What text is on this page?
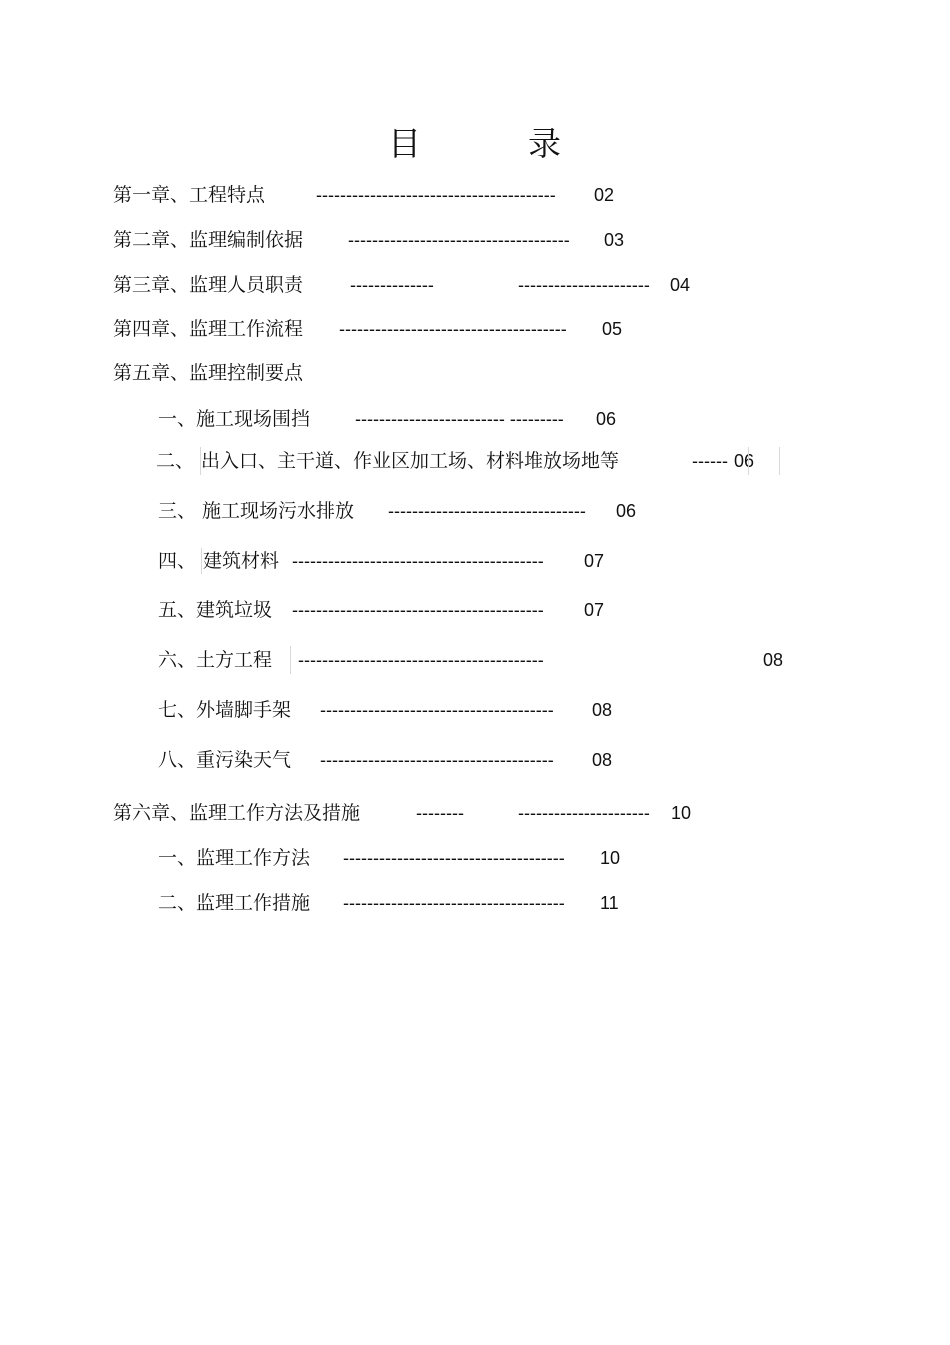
目	录
第一章、工程特点	---------------------------------------- 02
第二章、监理编制依据 ------------------------------------- 03
第三章、监理人员职责	--------------	---------------------- 04
第四章、监理工作流程 -------------------------------------- 05
第五章、监理控制要点
一、施工现场围挡 ------------------------- --------- 06
二、 出入口、主干道、作业区加工场、材料堆放场地等	------ 06
三、 施工现场污水排放 --------------------------------- 06
四、 建筑材料 ------------------------------------------ 07
五、建筑垃圾 ------------------------------------------ 07
六、土方工程 -----------------------------------------	08
七、外墙脚手架 --------------------------------------- 08
八、重污染天气 --------------------------------------- 08
第六章、监理工作方法及措施	--------	---------------------- 10
一、监理工作方法 ------------------------------------- 10
二、监理工作措施 ------------------------------------- 11
